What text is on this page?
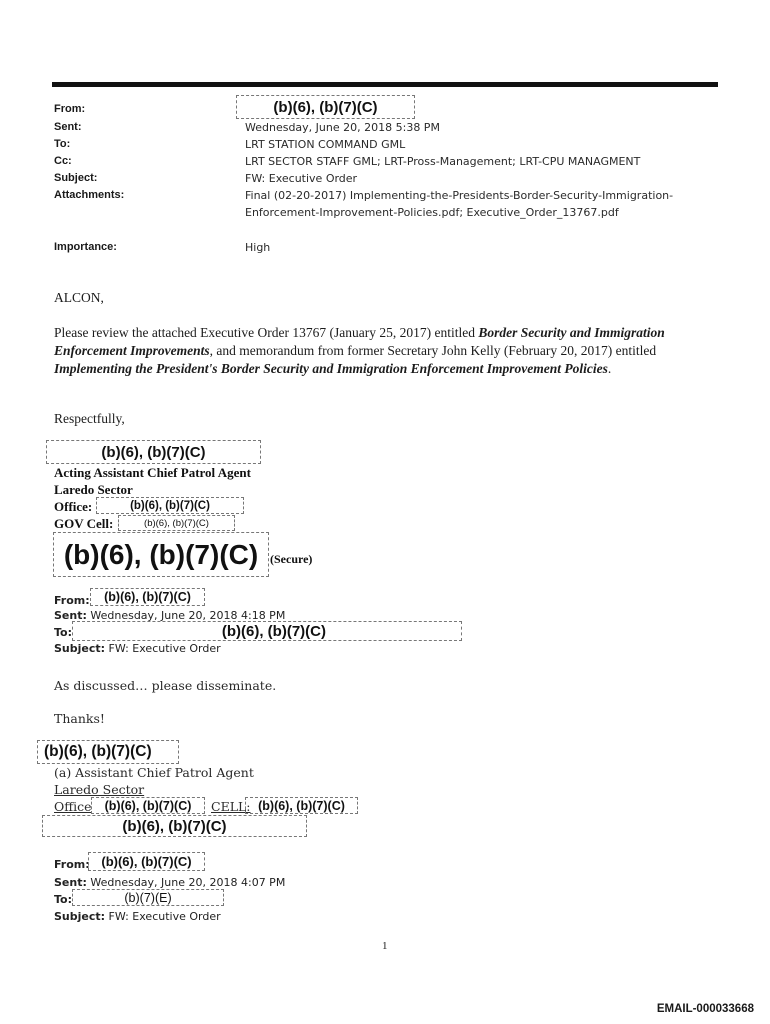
From:	(b)(6), (b)(7)(C)
Sent:	Wednesday, June 20, 2018 5:38 PM
To:	LRT STATION COMMAND GML
Cc:	LRT SECTOR STAFF GML; LRT-Pross-Management; LRT-CPU MANAGMENT
Subject:	FW: Executive Order
Attachments:	Final (02-20-2017) Implementing-the-Presidents-Border-Security-Immigration-
Enforcement-Improvement-Policies.pdf; Executive_Order_13767.pdf
Importance:	High
ALCON,
Please review the attached Executive Order 13767 (January 25, 2017) entitled Border Security and Immigration Enforcement Improvements, and memorandum from former Secretary John Kelly (February 20, 2017) entitled Implementing the President's Border Security and Immigration Enforcement Improvement Policies.
Respectfully,
(b)(6), (b)(7)(C)
Acting Assistant Chief Patrol Agent
Laredo Sector
Office:	(b)(6), (b)(7)(C)
GOV Cell:	(b)(6), (b)(7)(C)
(b)(6), (b)(7)(C) (Secure)
From:	(b)(6), (b)(7)(C)
Sent: Wednesday, June 20, 2018 4:18 PM
To:	(b)(6), (b)(7)(C)
Subject: FW: Executive Order
As discussed… please disseminate.
Thanks!
(b)(6), (b)(7)(C)
(a) Assistant Chief Patrol Agent
Laredo Sector
Office	(b)(6), (b)(7)(C)	CELL: (b)(6), (b)(7)(C)
(b)(6), (b)(7)(C)
From: (b)(6), (b)(7)(C)
Sent: Wednesday, June 20, 2018 4:07 PM
To:	(b)(7)(E)
Subject: FW: Executive Order
1
EMAIL-000033668
